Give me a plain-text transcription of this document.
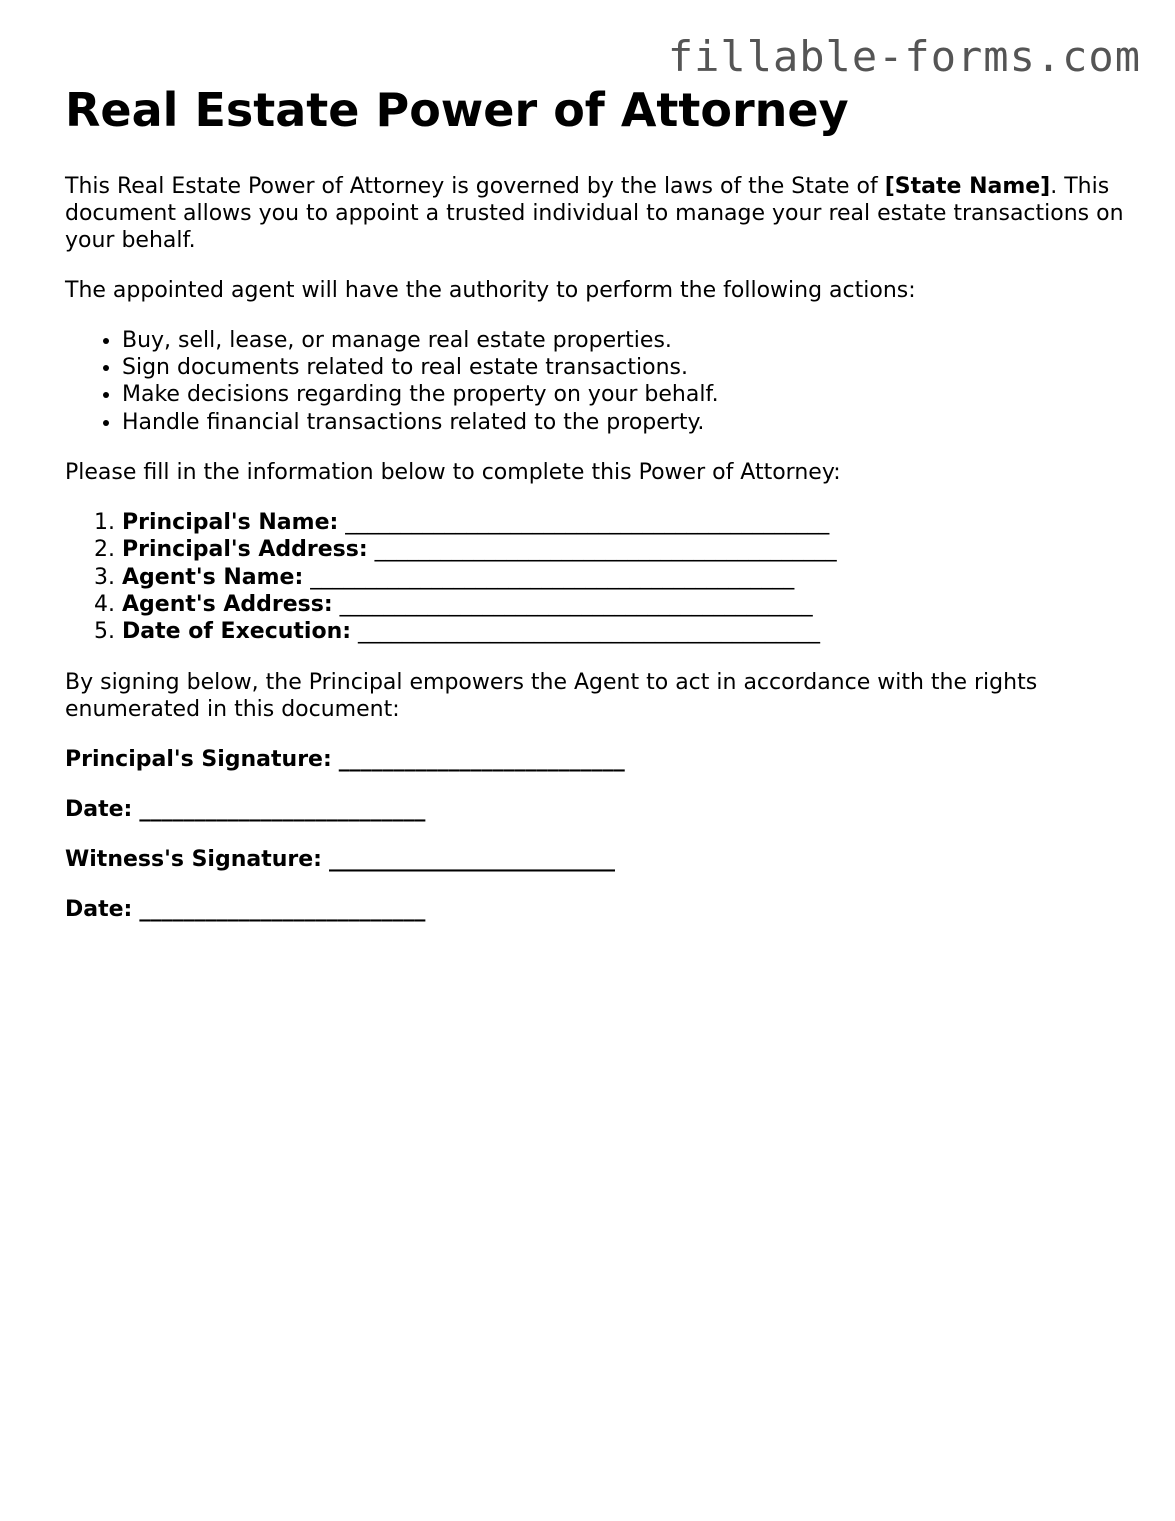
fillable-forms.com
Real Estate Power of Attorney

This Real Estate Power of Attorney is governed by the laws of the State of [State Name]. This document allows you to appoint a trusted individual to manage your real estate transactions on your behalf.

The appointed agent will have the authority to perform the following actions:

• Buy, sell, lease, or manage real estate properties.
• Sign documents related to real estate transactions.
• Make decisions regarding the property on your behalf.
• Handle financial transactions related to the property.

Please fill in the information below to complete this Power of Attorney:

1. Principal's Name: ____________________________________________
2. Principal's Address: __________________________________________
3. Agent's Name: ____________________________________________
4. Agent's Address: ___________________________________________
5. Date of Execution: __________________________________________

By signing below, the Principal empowers the Agent to act in accordance with the rights enumerated in this document:

Principal's Signature: __________________________
Date: __________________________
Witness's Signature: __________________________
Date: __________________________
